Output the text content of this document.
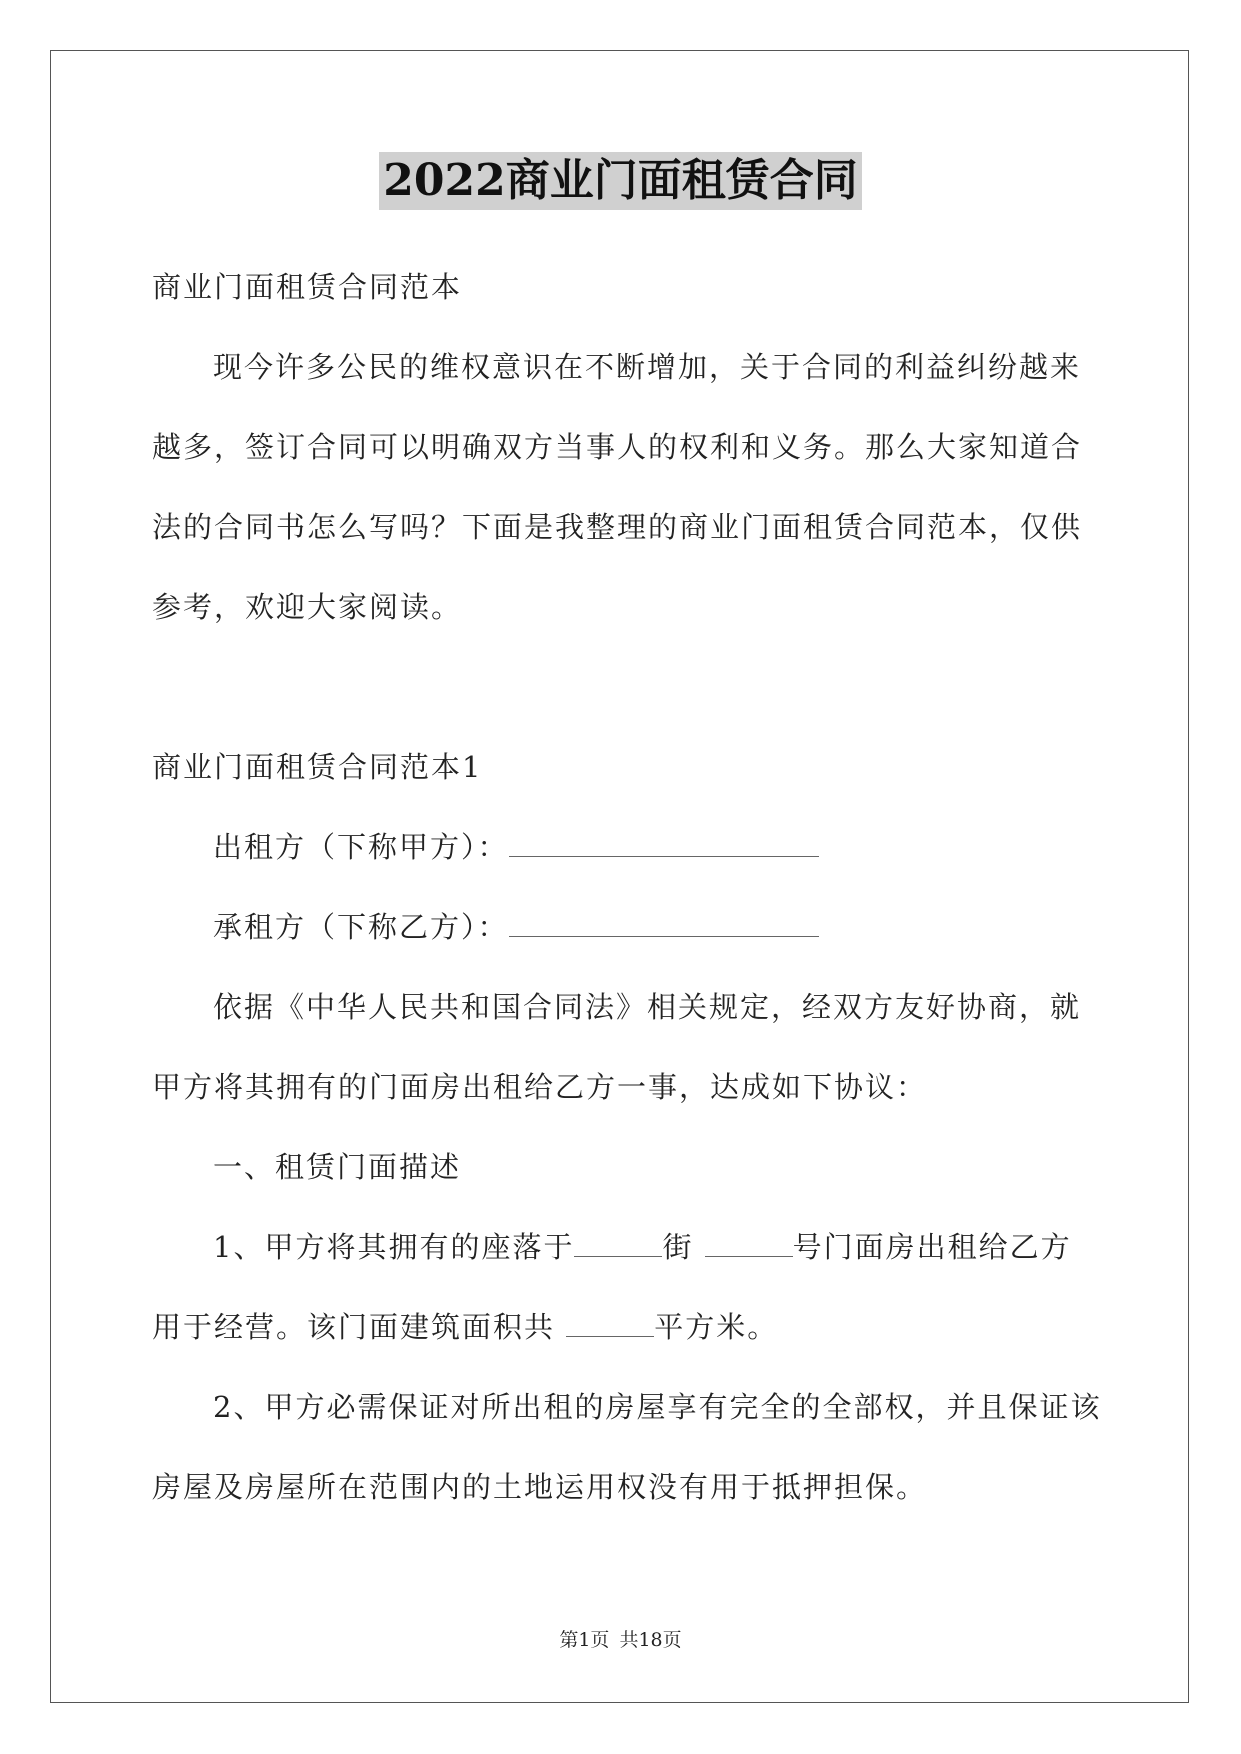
2022商业门面租赁合同
商业门面租赁合同范本
现今许多公民的维权意识在不断增加，关于合同的利益纠纷越来
越多，签订合同可以明确双方当事人的权利和义务。那么大家知道合
法的合同书怎么写吗？下面是我整理的商业门面租赁合同范本，仅供
参考，欢迎大家阅读。
商业门面租赁合同范本1
出租方（下称甲方）：
承租方（下称乙方）：
依据《中华人民共和国合同法》相关规定，经双方友好协商，就
甲方将其拥有的门面房出租给乙方一事，达成如下协议：
一、租赁门面描述
1、甲方将其拥有的座落于	街	号门面房出租给乙方
用于经营。该门面建筑面积共	平方米。
2、甲方必需保证对所出租的房屋享有完全的全部权，并且保证该
房屋及房屋所在范围内的土地运用权没有用于抵押担保。
第1页 共18页
